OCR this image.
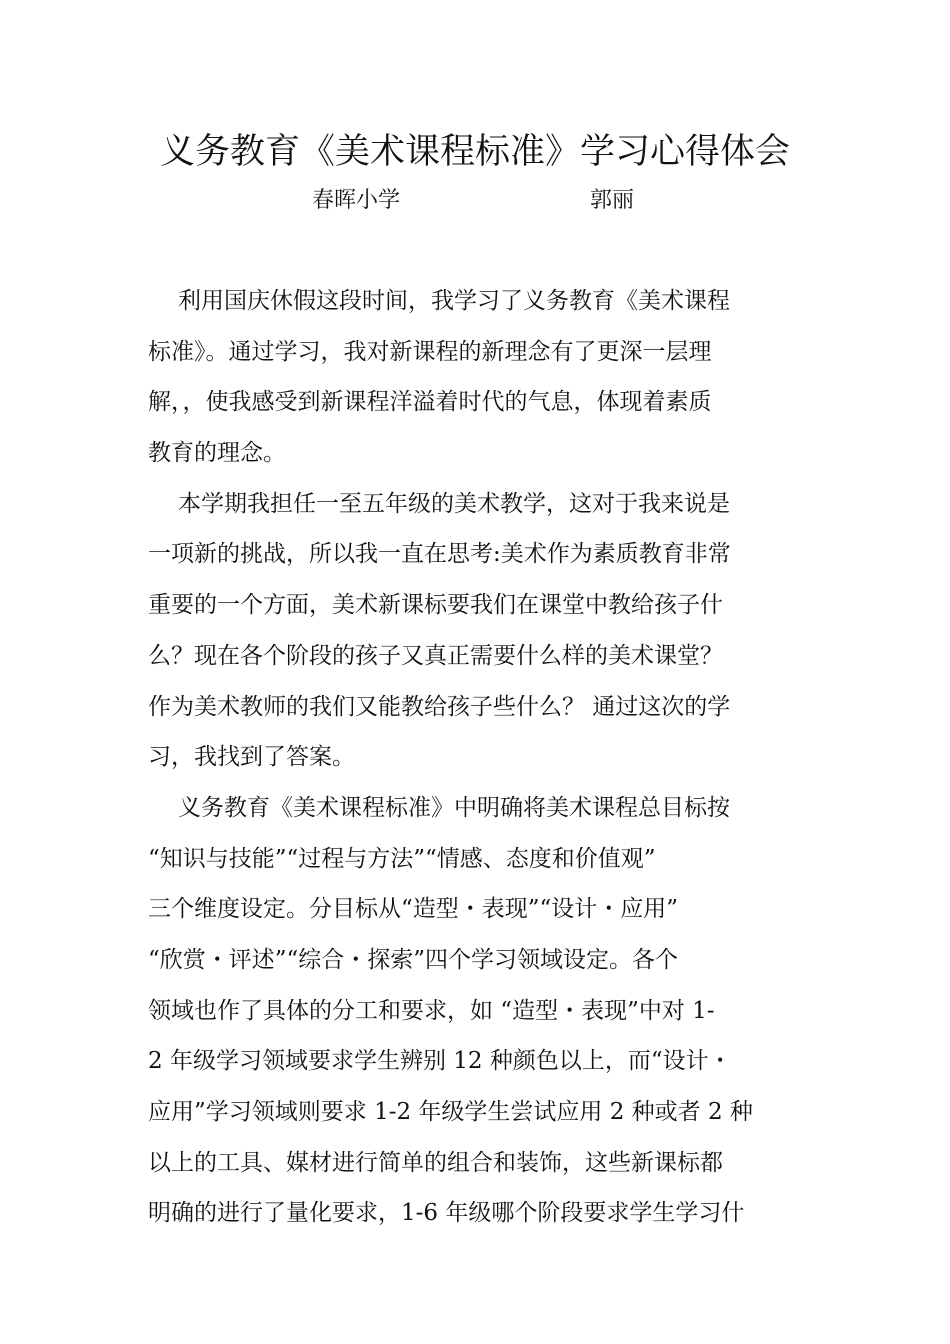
义务教育《美术课程标准》学习心得体会
春晖小学	郭丽
利用国庆休假这段时间，我学习了义务教育《美术课程
标准》。通过学习，我对新课程的新理念有了更深一层理
解，，使我感受到新课程洋溢着时代的气息，体现着素质
教育的理念。
本学期我担任一至五年级的美术教学，这对于我来说是
一项新的挑战，所以我一直在思考:美术作为素质教育非常
重要的一个方面，美术新课标要我们在课堂中教给孩子什
么？现在各个阶段的孩子又真正需要什么样的美术课堂？
作为美术教师的我们又能教给孩子些什么？ 通过这次的学
习，我找到了答案。
义务教育《美术课程标准》中明确将美术课程总目标按
“知识与技能”“过程与方法”“情感、态度和价值观”
三个维度设定。分目标从“造型・表现”“设计・应用”
“欣赏・评述”“综合・探索”四个学习领域设定。各个
领域也作了具体的分工和要求，如 “造型・表现”中对 1-
2 年级学习领域要求学生辨别 12 种颜色以上，而“设计・
应用”学习领域则要求 1-2 年级学生尝试应用 2 种或者 2 种
以上的工具、媒材进行简单的组合和装饰，这些新课标都
明确的进行了量化要求，1-6 年级哪个阶段要求学生学习什
